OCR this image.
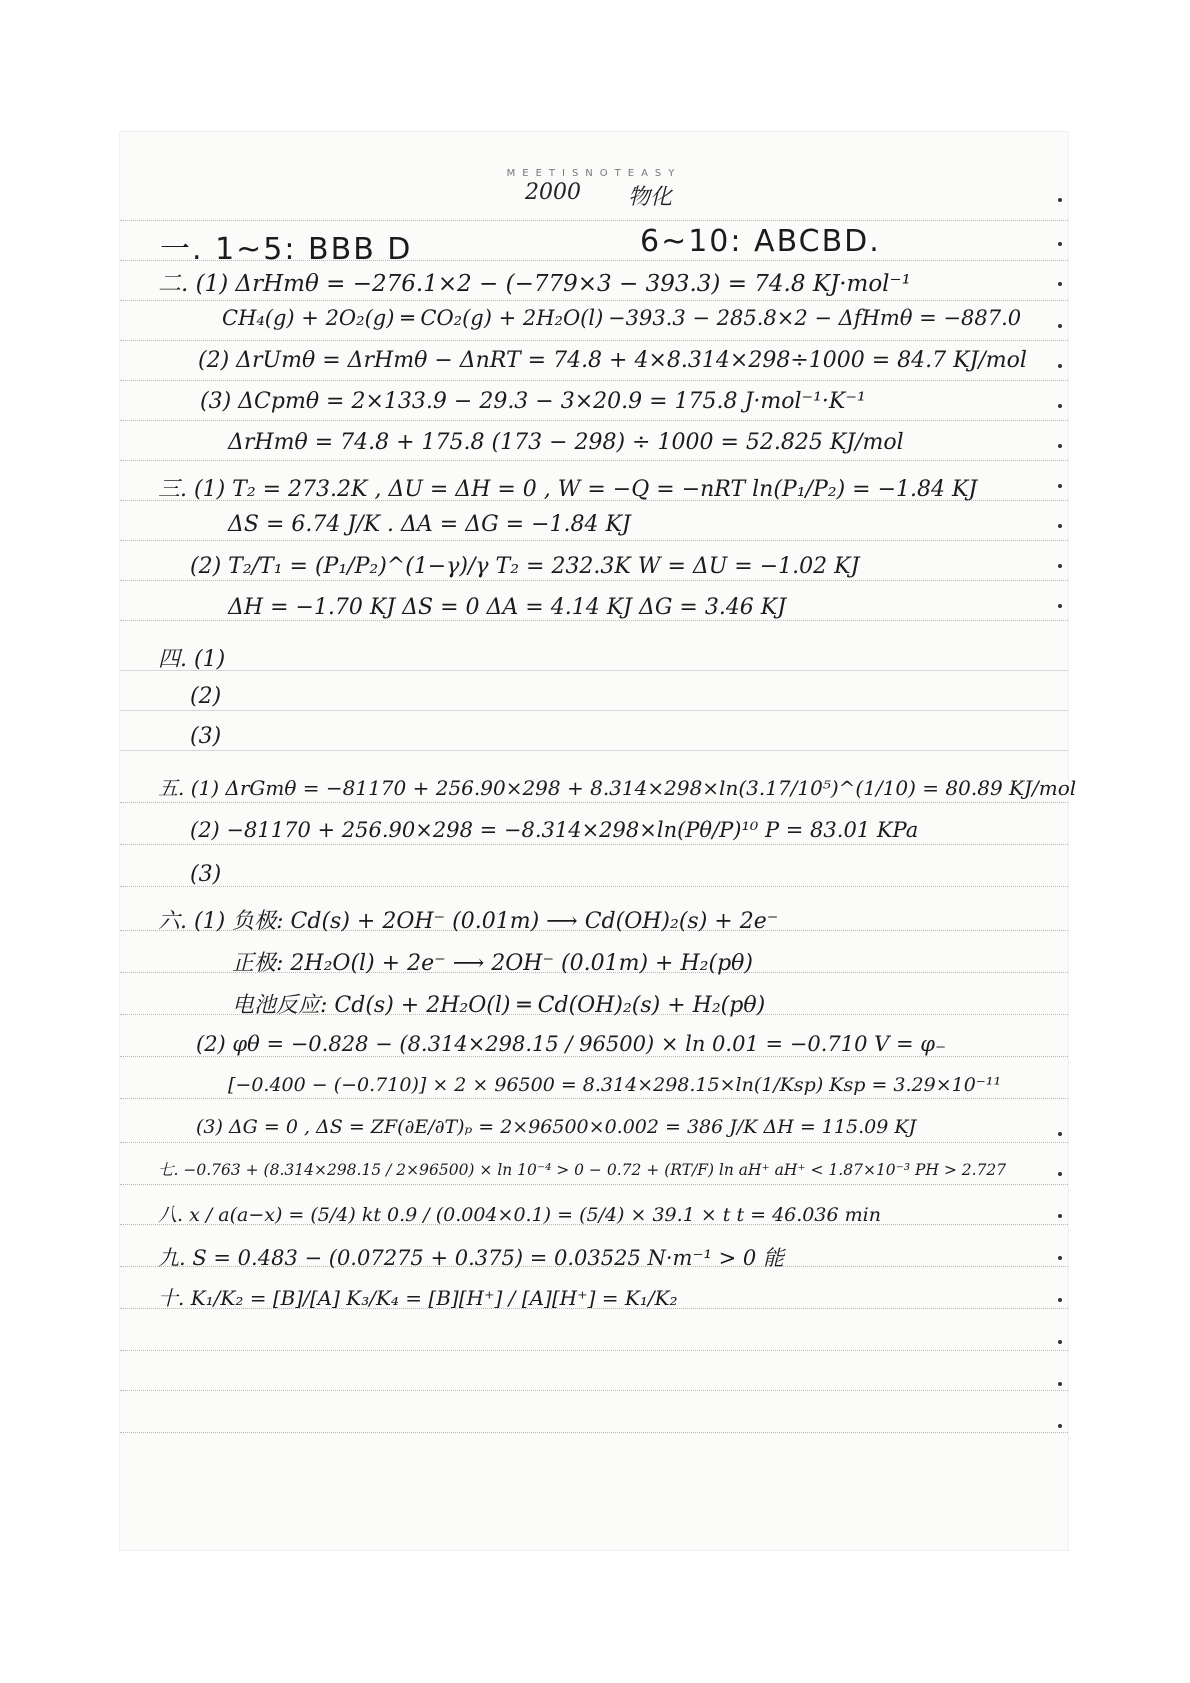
MEETISNOTEASY
2000 物化
一. 1~5: BBB D	6~10: ABCBD.
二. (1) ΔrHmθ = −276.1×2 − (−779×3 − 393.3) = 74.8 KJ·mol⁻¹
CH₄(g) + 2O₂(g) ═ CO₂(g) + 2H₂O(l) −393.3 − 285.8×2 − ΔfHmθ = −887.0
(2) ΔrUmθ = ΔrHmθ − ΔnRT = 74.8 + 4×8.314×298÷1000 = 84.7 KJ/mol
(3) ΔCpmθ = 2×133.9 − 29.3 − 3×20.9 = 175.8 J·mol⁻¹·K⁻¹
ΔrHmθ = 74.8 + 175.8 (173 − 298) ÷ 1000 = 52.825 KJ/mol
三. (1) T₂ = 273.2K , ΔU = ΔH = 0 , W = −Q = −nRT ln(P₁/P₂) = −1.84 KJ
ΔS = 6.74 J/K . ΔA = ΔG = −1.84 KJ
(2) T₂/T₁ = (P₁/P₂)^(1−γ)/γ T₂ = 232.3K W = ΔU = −1.02 KJ
ΔH = −1.70 KJ ΔS = 0 ΔA = 4.14 KJ ΔG = 3.46 KJ
四. (1)
(2)
(3)
五. (1) ΔrGmθ = −81170 + 256.90×298 + 8.314×298×ln(3.17/10⁵)^(1/10) = 80.89 KJ/mol
(2) −81170 + 256.90×298 = −8.314×298×ln(Pθ/P)¹⁰ P = 83.01 KPa
(3)
六. (1) 负极: Cd(s) + 2OH⁻ (0.01m) ⟶ Cd(OH)₂(s) + 2e⁻
正极: 2H₂O(l) + 2e⁻ ⟶ 2OH⁻ (0.01m) + H₂(pθ)
电池反应: Cd(s) + 2H₂O(l) ═ Cd(OH)₂(s) + H₂(pθ)
(2) φθ = −0.828 − (8.314×298.15 / 96500) × ln 0.01 = −0.710 V = φ₋
[−0.400 − (−0.710)] × 2 × 96500 = 8.314×298.15×ln(1/Ksp) Ksp = 3.29×10⁻¹¹
(3) ΔG = 0 , ΔS = ZF(∂E/∂T)ₚ = 2×96500×0.002 = 386 J/K ΔH = 115.09 KJ
七. −0.763 + (8.314×298.15 / 2×96500) × ln 10⁻⁴ > 0 − 0.72 + (RT/F) ln aH⁺ aH⁺ < 1.87×10⁻³ PH > 2.727
八. x / a(a−x) = (5/4) kt 0.9 / (0.004×0.1) = (5/4) × 39.1 × t t = 46.036 min
九. S = 0.483 − (0.07275 + 0.375) = 0.03525 N·m⁻¹ > 0 能
十. K₁/K₂ = [B]/[A] K₃/K₄ = [B][H⁺] / [A][H⁺] = K₁/K₂
